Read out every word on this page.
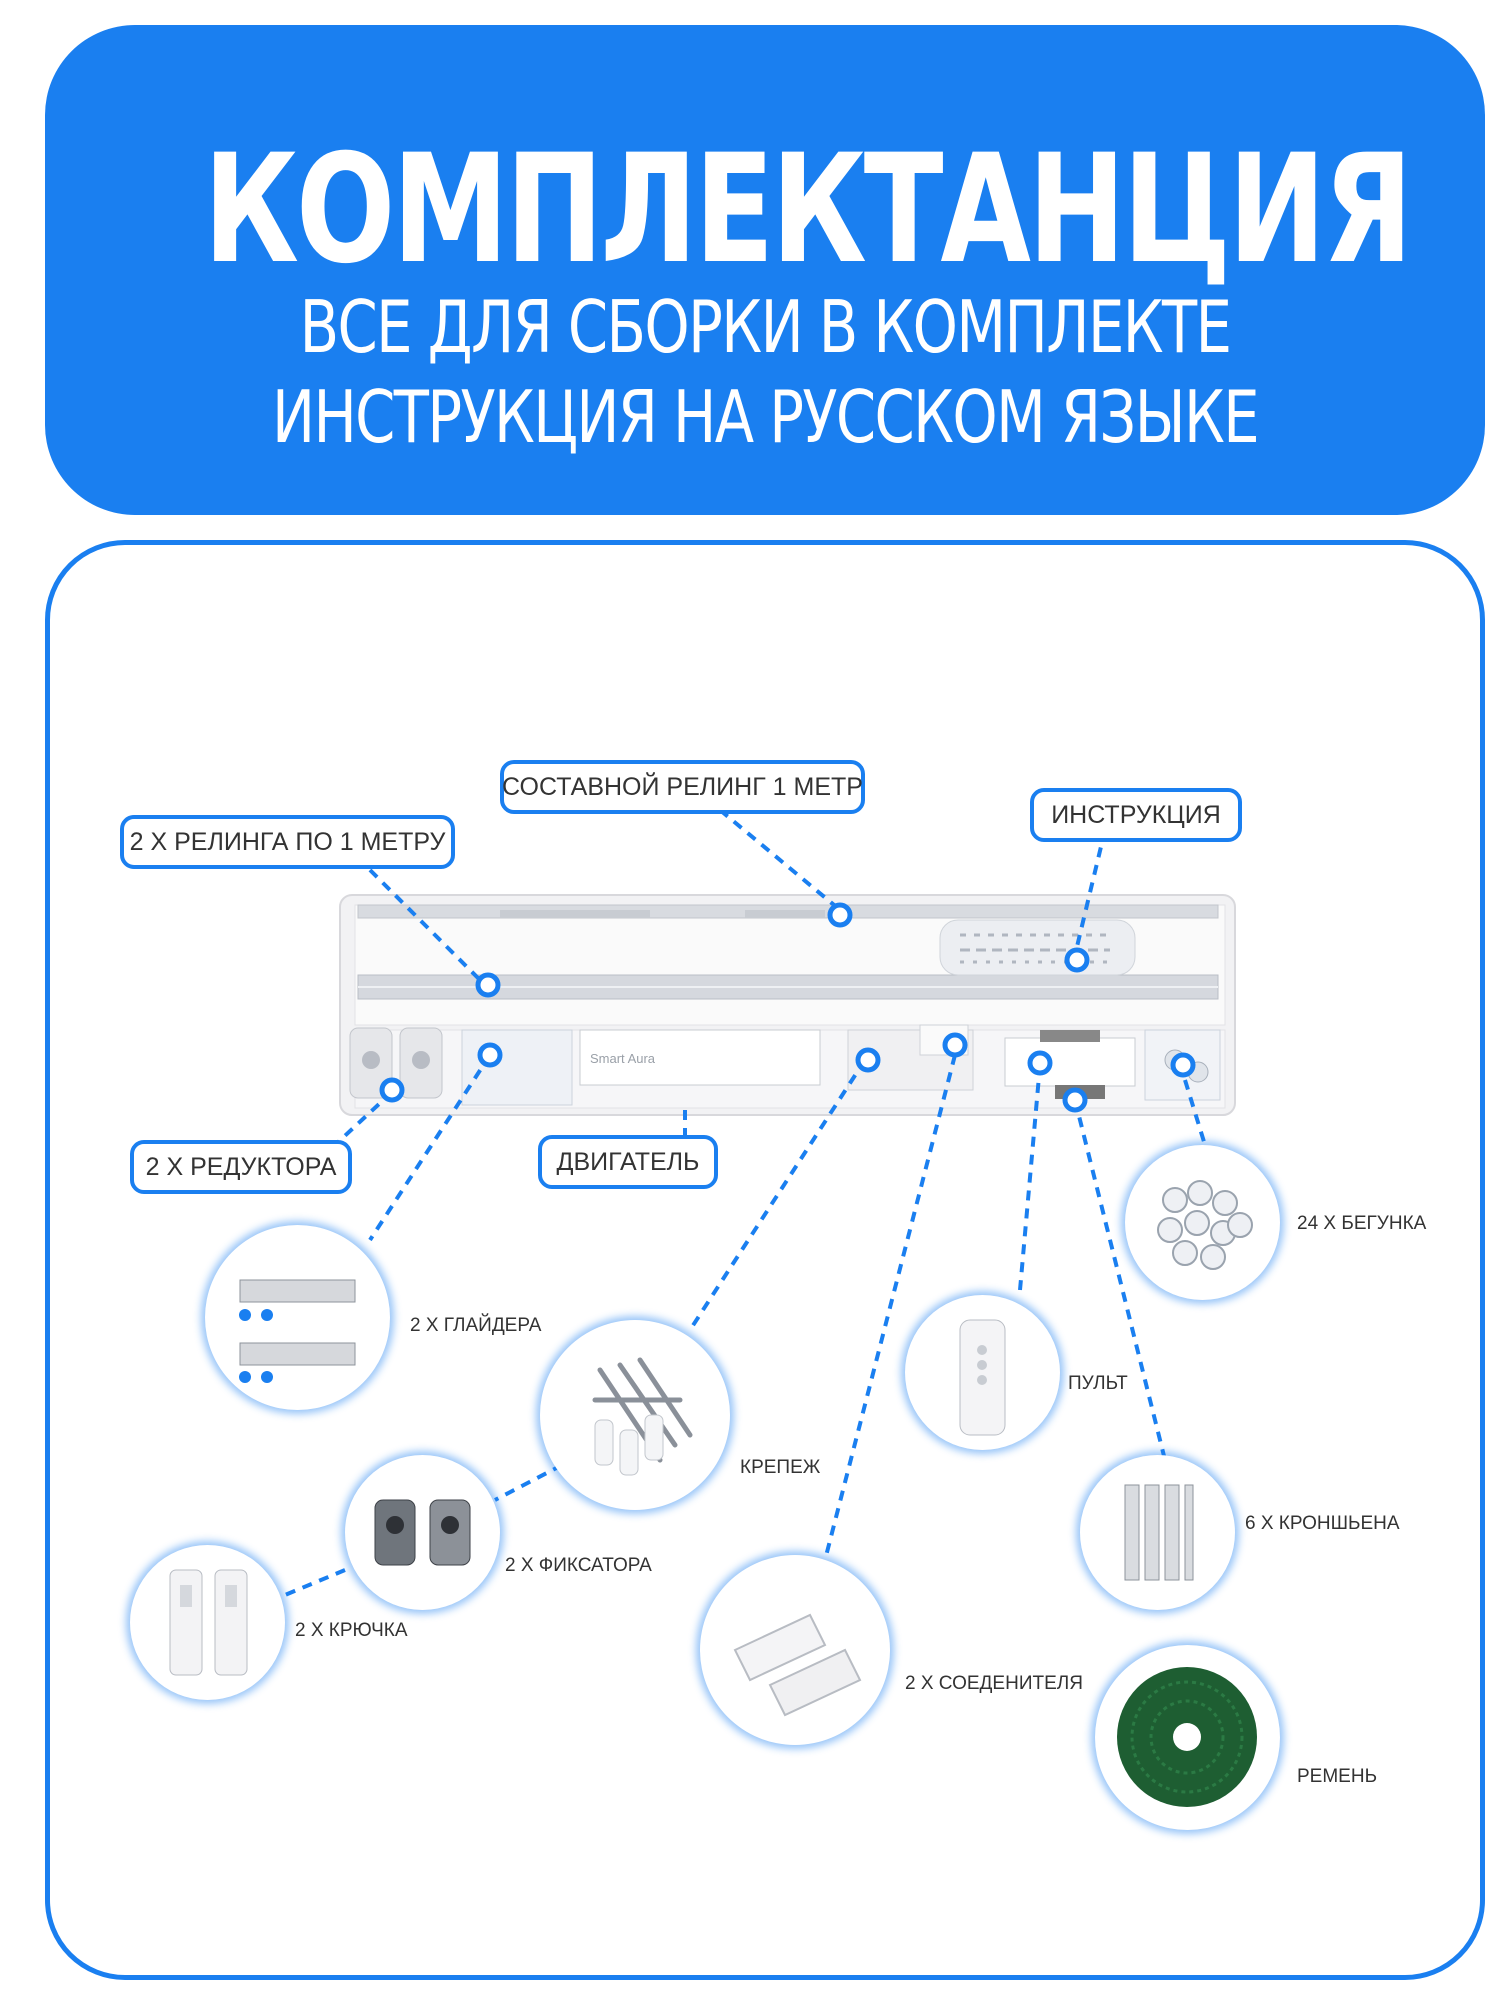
КОМПЛЕКТАНЦИЯ
ВСЕ ДЛЯ СБОРКИ В КОМПЛЕКТЕ
ИНСТРУКЦИЯ НА РУССКОМ ЯЗЫКЕ
Smart Aura
СОСТАВНОЙ РЕЛИНГ 1 МЕТР
2 Х РЕЛИНГА ПО 1 МЕТРУ
ИНСТРУКЦИЯ
2 Х РЕДУКТОРА	ДВИГАТЕЛЬ
24 Х БЕГУНКА
2 Х ГЛАЙДЕРА
КРЕПЕЖ
ПУЛЬТ
2 Х ФИКСАТОРА
6 Х КРОНШЬЕНА
2 Х КРЮЧКА
2 Х СОЕДЕНИТЕЛЯ
РЕМЕНЬ
